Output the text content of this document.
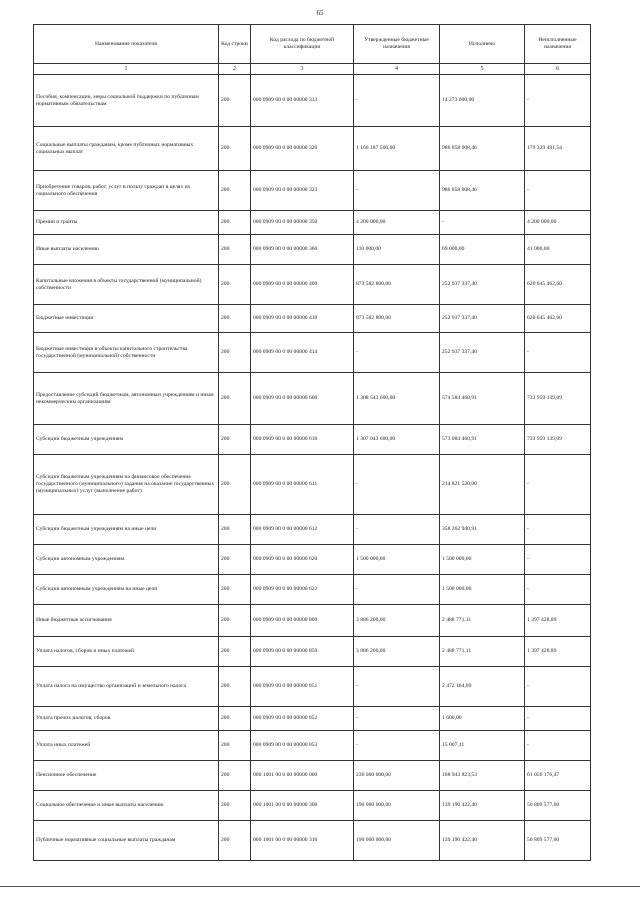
65
Наименование показателя	Код строки	Код расхода по бюджетной классификации	Утвержденные бюджетные назначения	Исполнено	Неисполненные назначения
1	2	3	4	5	6
Пособия, компенсации, меры социальной поддержки по публичным нормативным обязательствам	200	000 0909 00 0 00 00000 313	-	14 273 000,00	-
Социальные выплаты гражданам, кроме публичных нормативных социальных выплат	200	000 0909 00 0 00 00000 320	1 166 187 500,00	986 858 008,46	179 329 491,54
Приобретение товаров, работ, услуг в пользу граждан в целях их социального обеспечения	200	000 0909 00 0 00 00000 323	-	986 858 008,46	-
Премии и гранты	200	000 0909 00 0 00 00000 350	4 200 000,00	-	4 200 000,00
Иные выплаты населению	200	000 0909 00 0 00 00000 360	110 000,00	69 000,00	41 000,00
Капитальные вложения в объекты государственной (муниципальной) собственности	200	000 0909 00 0 00 00000 400	873 582 800,00	252 937 337,40	620 645 462,60
Бюджетные инвестиции	200	000 0909 00 0 00 00000 410	873 582 800,00	252 937 337,40	620 645 462,60
Бюджетные инвестиции в объекты капитального строительства государственной (муниципальной) собственности	200	000 0909 00 0 00 00000 414	-	252 937 337,40	-
Предоставление субсидий бюджетным, автономным учреждениям и иным некоммерческим организациям	200	000 0909 00 0 00 00000 600	1 308 543 600,00	574 584 460,91	733 959 139,09
Субсидии бюджетным учреждениям	200	000 0909 00 0 00 00000 610	1 307 043 600,00	573 084 460,91	733 959 139,09
Субсидии бюджетным учреждениям на финансовое обеспечение государственного (муниципального) задания на оказание государственных (муниципальных) услуг (выполнение работ)	200	000 0909 00 0 00 00000 611	-	214 821 520,00	-
Субсидии бюджетным учреждениям на иные цели	200	000 0909 00 0 00 00000 612	-	358 262 940,91	-
Субсидии автономным учреждениям	200	000 0909 00 0 00 00000 620	1 500 000,00	1 500 000,00	-
Субсидии автономным учреждениям на иные цели	200	000 0909 00 0 00 00000 622	-	1 500 000,00	-
Иные бюджетные ассигнования	200	000 0909 00 0 00 00000 800	3 886 200,00	2 488 771,11	1 397 428,89
Уплата налогов, сборов и иных платежей	200	000 0909 00 0 00 00000 850	3 886 200,00	2 488 771,11	1 397 428,89
Уплата налога на имущество организаций и земельного налога	200	000 0909 00 0 00 00000 851	-	2 472 164,00	-
Уплата прочих налогов, сборов	200	000 0909 00 0 00 00000 852	-	1 600,00	-
Уплата иных платежей	200	000 0909 00 0 00 00000 853	-	15 007,11	-
Пенсионное обеспечение	200	000 1001 00 0 00 00000 000	230 000 000,00	168 943 823,53	61 056 176,47
Социальное обеспечение и иные выплаты населению	200	000 1001 00 0 00 00000 300	190 000 000,00	139 190 422,40	50 809 577,60
Публичные нормативные социальные выплаты гражданам	200	000 1001 00 0 00 00000 310	190 000 000,00	139 190 422,40	50 809 577,60
